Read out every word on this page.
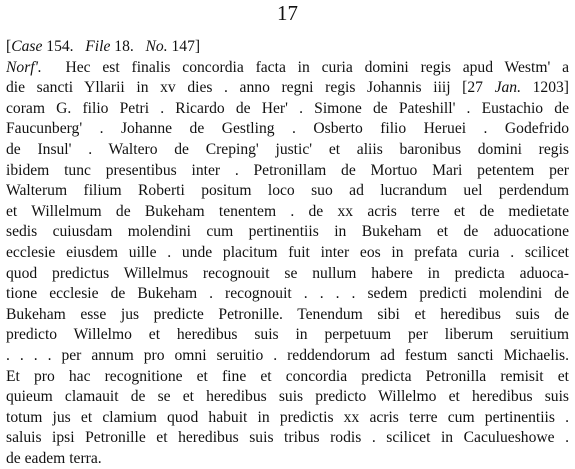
17
[Case 154.   File 18.   No. 147]
Norf'.  Hec est finalis concordia facta in curia domini regis apud Westm' a
die sancti Yllarii in xv dies . anno regni regis Johannis iiij [27 Jan. 1203]
coram G. filio Petri . Ricardo de Her' . Simone de Pateshill' . Eustachio de
Faucunberg' . Johanne de Gestling . Osberto filio Heruei . Godefrido
de Insul' . Waltero de Creping' justic' et aliis baronibus domini regis
ibidem tunc presentibus inter . Petronillam de Mortuo Mari petentem per
Walterum filium Roberti positum loco suo ad lucrandum uel perdendum
et Willelmum de Bukeham tenentem . de xx acris terre et de medietate
sedis cuiusdam molendini cum pertinentiis in Bukeham et de aduocatione
ecclesie eiusdem uille . unde placitum fuit inter eos in prefata curia . scilicet
quod predictus Willelmus recognouit se nullum habere in predicta aduoca-
tione ecclesie de Bukeham . recognouit . . . . sedem predicti molendini de
Bukeham esse jus predicte Petronille. Tenendum sibi et heredibus suis de
predicto Willelmo et heredibus suis in perpetuum per liberum seruitium
. . . . per annum pro omni seruitio . reddendorum ad festum sancti Michaelis.
Et pro hac recognitione et fine et concordia predicta Petronilla remisit et
quieum clamauit de se et heredibus suis predicto Willelmo et heredibus suis
totum jus et clamium quod habuit in predictis xx acris terre cum pertinentiis .
saluis ipsi Petronille et heredibus suis tribus rodis . scilicet in Caculueshowe .
de eadem terra.
